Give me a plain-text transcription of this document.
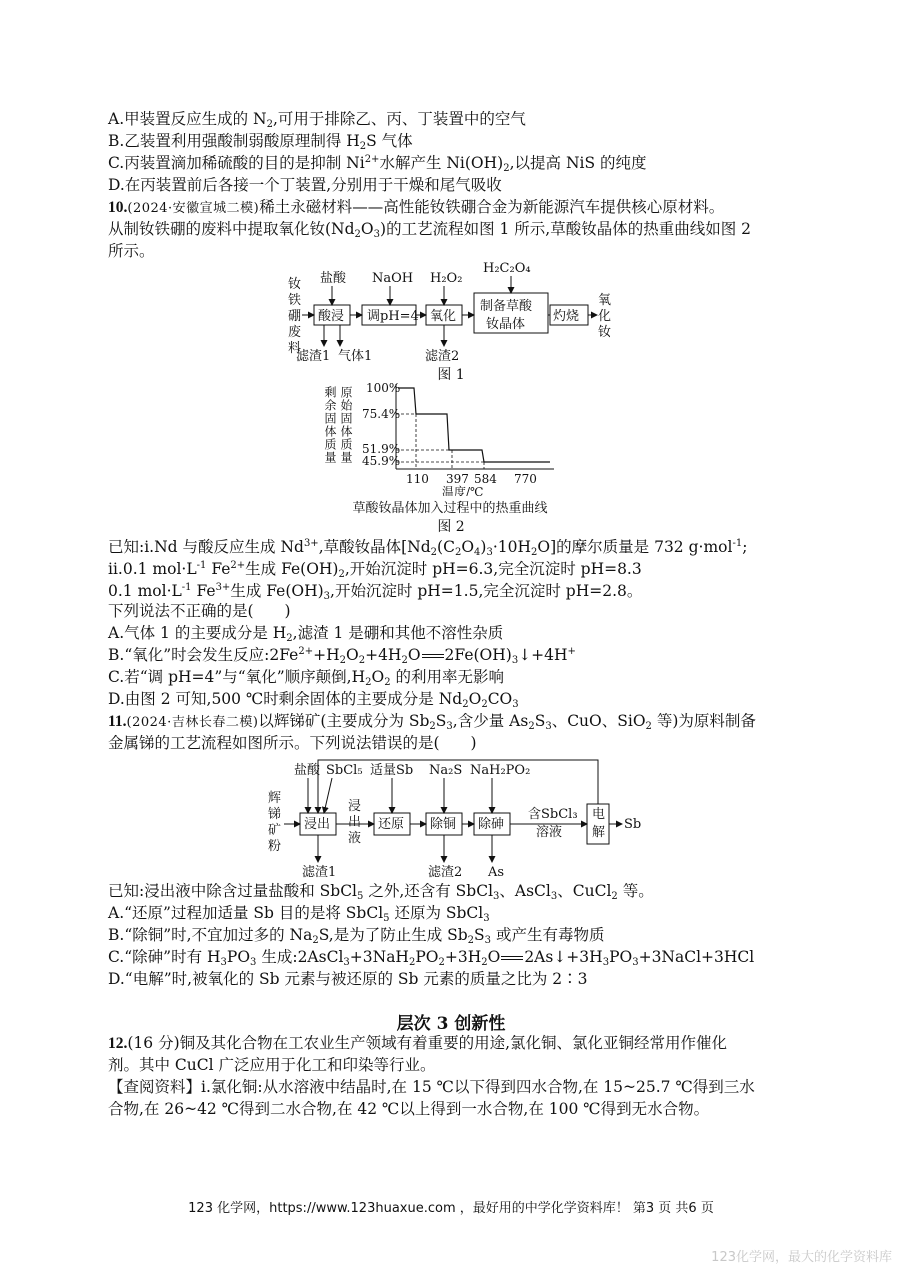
A.甲装置反应生成的 $N_2$,可用于排除乙、丙、丁装置中的空气
B.乙装置利用强酸制弱酸原理制得 $H_2S$ 气体
C.丙装置滴加稀硫酸的目的是抑制 $Ni^{2+}$水解产生 $Ni(OH)_2$,以提高 NiS 的纯度
D.在丙装置前后各接一个丁装置,分别用于干燥和尾气吸收
10.(2024·安徽宣城二模)稀土永磁材料——高性能钕铁硼合金为新能源汽车提供核心原材料。
从制钕铁硼的废料中提取氧化钕$(Nd_2O_3)$的工艺流程如图 1 所示,草酸钕晶体的热重曲线如图 2
所示。
钕
铁
硼
废
料
盐酸 NaOH H₂O₂
H₂C₂O₄
酸浸 调pH=4 氧化
制备草酸
钕晶体
灼烧
氧
化
钕
滤渣1 气体1	滤渣2
图 1
剩余固体质量 原始固体质量 100%
75.4%
51.9%
45.9%
110 397 584 770
温度/℃
草酸钕晶体加入过程中的热重曲线
图 2
已知:ⅰ.Nd 与酸反应生成 $Nd^{3+}$,草酸钕晶体$[Nd_2(C_2O_4)_3\cdot 10H_2O]$的摩尔质量是 732 g·mol$^{-1}$;
ⅱ.0.1 $mol\cdot L^{-1}$ $Fe^{2+}$生成 $Fe(OH)_2$,开始沉淀时 pH=6.3,完全沉淀时 pH=8.3
0.1 $mol\cdot L^{-1}$ $Fe^{3+}$生成 $Fe(OH)_3$,开始沉淀时 pH=1.5,完全沉淀时 pH=2.8。
下列说法不正确的是(　　)
A.气体 1 的主要成分是 $H_2$,滤渣 1 是硼和其他不溶性杂质
B.“氧化”时会发生反应$:2Fe^{2+}+H_2O_2+4H_2O$ $2Fe(OH)_3↓+4H^+$
C.若“调 pH=4”与“氧化”顺序颠倒$,H_2O_2$ 的利用率无影响
D.由图 2 可知,500 ℃时剩余固体的主要成分是 $Nd_2O_2CO_3$
11.(2024·吉林长春二模)以辉锑矿(主要成分为 $Sb_2S_3$,含少量 $As_2S_3$、CuO、SiO$_2$ 等)为原料制备
金属锑的工艺流程如图所示。下列说法错误的是(　　)
辉
锑
矿
粉
盐酸 SbCl₅ 适量Sb Na₂S NaH₂PO₂
浸出
浸
出
液
还原 除铜 除砷
含SbCl₃
溶液
电
解
Sb
滤渣1	滤渣2 As
已知:浸出液中除含过量盐酸和 SbCl$_5$ 之外,还含有 SbCl$_3$、AsCl$_3$、CuCl$_2$ 等。
A.“还原”过程加适量 Sb 目的是将 SbCl$_5$ 还原为 SbCl$_3$
B.“除铜”时,不宜加过多的 $Na_2S$,是为了防止生成 $Sb_2S_3$ 或产生有毒物质
C.“除砷”时有 $H_3PO_3$ 生成$:2AsCl_3+3NaH_2PO_2+3H_2O$ $2As↓+3H_3PO_3+3NaCl+3HCl$
D.“电解”时,被氧化的 Sb 元素与被还原的 Sb 元素的质量之比为 2∶3
层次 3 创新性
12.(16 分)铜及其化合物在工农业生产领域有着重要的用途,氯化铜、氯化亚铜经常用作催化
剂。其中 CuCl 广泛应用于化工和印染等行业。
【查阅资料】ⅰ.氯化铜:从水溶液中结晶时,在 15 ℃以下得到四水合物,在 15~25.7 ℃得到三水
合物,在 26~42 ℃得到二水合物,在 42 ℃以上得到一水合物,在 100 ℃得到无水合物。
123 化学网，https://www.123huaxue.com ，最好用的中学化学资料库！ 第3 页 共6 页
123化学网，最大的化学资料库
